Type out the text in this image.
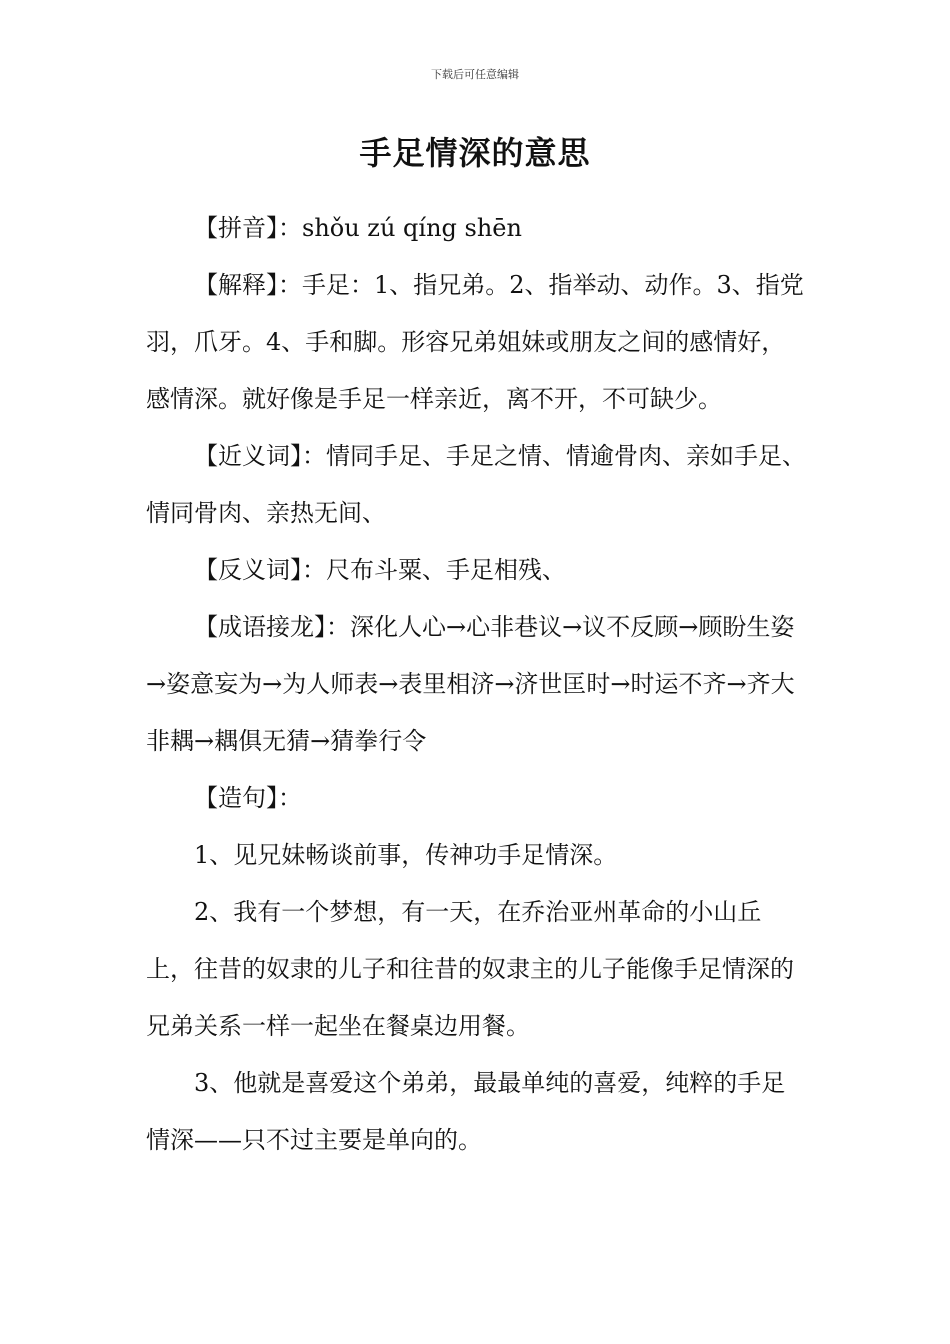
下载后可任意编辑
手足情深的意思

【拼音】：shǒu zú qíng shēn

【解释】：手足：1、指兄弟。2、指举动、动作。3、指党羽，爪牙。4、手和脚。形容兄弟姐妹或朋友之间的感情好，感情深。就好像是手足一样亲近，离不开，不可缺少。

【近义词】：情同手足、手足之情、情逾骨肉、亲如手足、情同骨肉、亲热无间、

【反义词】：尺布斗粟、手足相残、

【成语接龙】：深化人心→心非巷议→议不反顾→顾盼生姿→姿意妄为→为人师表→表里相济→济世匡时→时运不齐→齐大非耦→耦俱无猜→猜拳行令

【造句】：

1、见兄妹畅谈前事，传神功手足情深。

2、我有一个梦想，有一天，在乔治亚州革命的小山丘上，往昔的奴隶的儿子和往昔的奴隶主的儿子能像手足情深的兄弟关系一样一起坐在餐桌边用餐。

3、他就是喜爱这个弟弟，最最单纯的喜爱，纯粹的手足情深——只不过主要是单向的。
